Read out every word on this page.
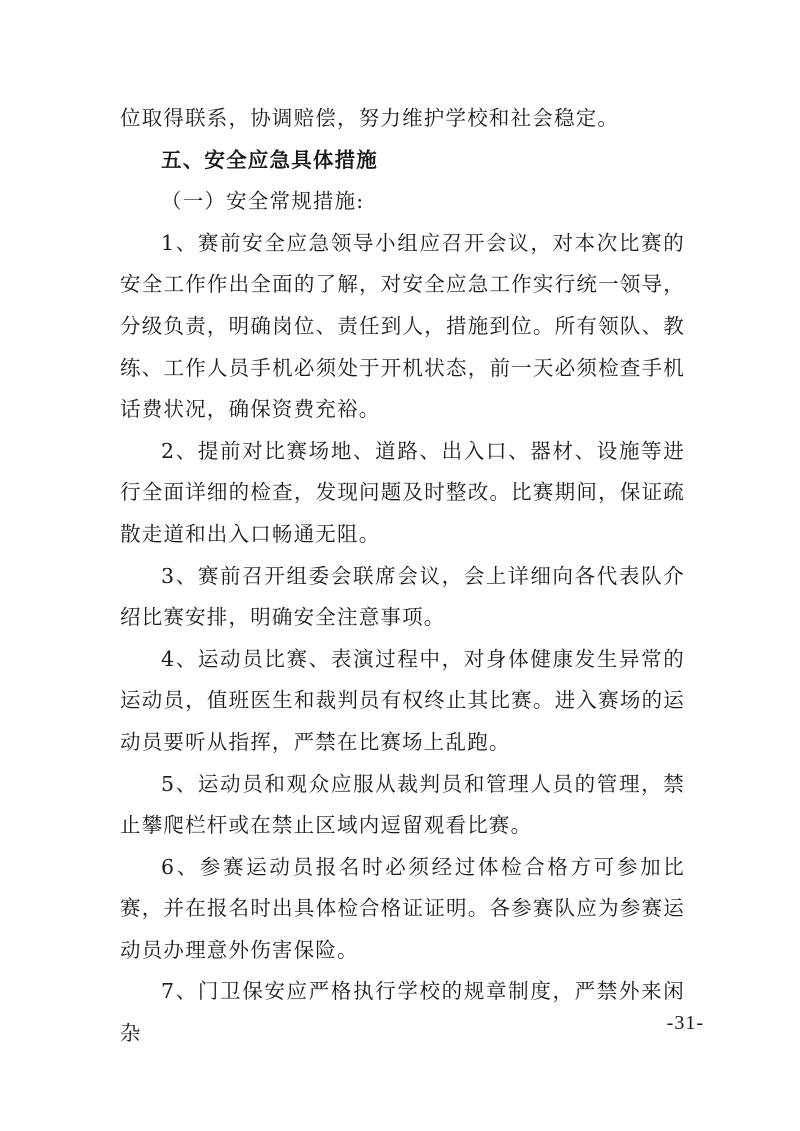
位取得联系，协调赔偿，努力维护学校和社会稳定。

五、安全应急具体措施

（一）安全常规措施:

1、赛前安全应急领导小组应召开会议，对本次比赛的安全工作作出全面的了解，对安全应急工作实行统一领导，分级负责，明确岗位、责任到人，措施到位。所有领队、教练、工作人员手机必须处于开机状态，前一天必须检查手机话费状况，确保资费充裕。

2、提前对比赛场地、道路、出入口、器材、设施等进行全面详细的检查，发现问题及时整改。比赛期间，保证疏散走道和出入口畅通无阻。

3、赛前召开组委会联席会议，会上详细向各代表队介绍比赛安排，明确安全注意事项。

4、运动员比赛、表演过程中，对身体健康发生异常的运动员，值班医生和裁判员有权终止其比赛。进入赛场的运动员要听从指挥，严禁在比赛场上乱跑。

5、运动员和观众应服从裁判员和管理人员的管理，禁止攀爬栏杆或在禁止区域内逗留观看比赛。

6、参赛运动员报名时必须经过体检合格方可参加比赛，并在报名时出具体检合格证证明。各参赛队应为参赛运动员办理意外伤害保险。

7、门卫保安应严格执行学校的规章制度，严禁外来闲杂	-31-
